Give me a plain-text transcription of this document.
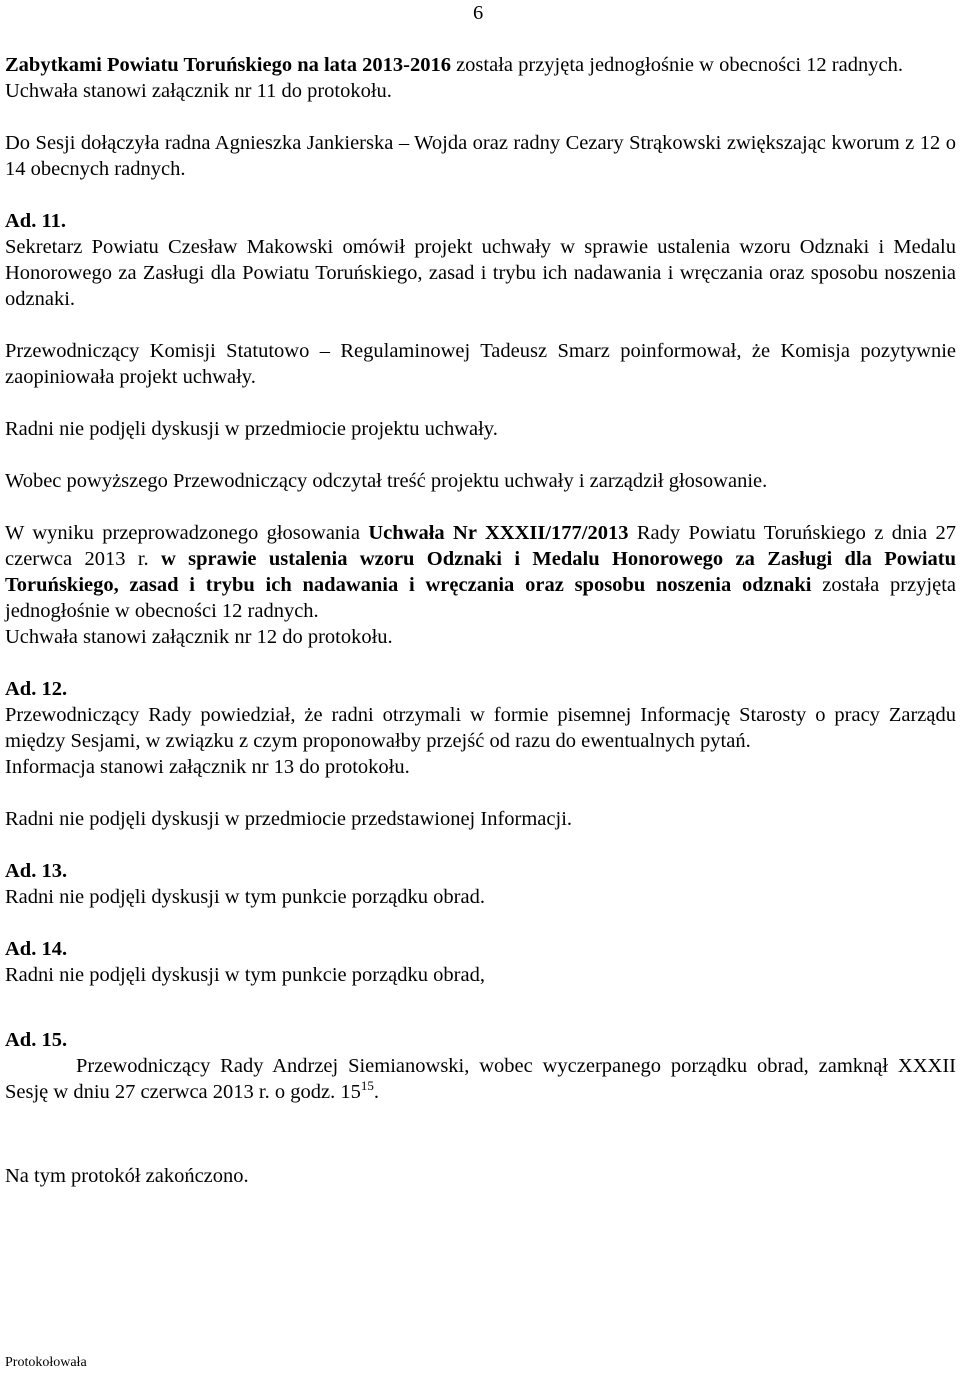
6

Zabytkami Powiatu Toruńskiego na lata 2013-2016 została przyjęta jednogłośnie w obecności 12 radnych.

Uchwała stanowi załącznik nr 11 do protokołu.

Do Sesji dołączyła radna Agnieszka Jankierska – Wojda oraz radny Cezary Strąkowski zwiększając kworum z 12 o 14 obecnych radnych.

Ad. 11.

Sekretarz Powiatu Czesław Makowski omówił projekt uchwały w sprawie ustalenia wzoru Odznaki i Medalu Honorowego za Zasługi dla Powiatu Toruńskiego, zasad i trybu ich nadawania i wręczania oraz sposobu noszenia odznaki.

Przewodniczący Komisji Statutowo – Regulaminowej Tadeusz Smarz poinformował, że Komisja pozytywnie zaopiniowała projekt uchwały.

Radni nie podjęli dyskusji w przedmiocie projektu uchwały.

Wobec powyższego Przewodniczący odczytał treść projektu uchwały i zarządził głosowanie.

W wyniku przeprowadzonego głosowania Uchwała Nr XXXII/177/2013 Rady Powiatu Toruńskiego z dnia 27 czerwca 2013 r. w sprawie ustalenia wzoru Odznaki i Medalu Honorowego za Zasługi dla Powiatu Toruńskiego, zasad i trybu ich nadawania i wręczania oraz sposobu noszenia odznaki została przyjęta jednogłośnie w obecności 12 radnych.

Uchwała stanowi załącznik nr 12 do protokołu.

Ad. 12.

Przewodniczący Rady powiedział, że radni otrzymali w formie pisemnej Informację Starosty o pracy Zarządu między Sesjami, w związku z czym proponowałby przejść od razu do ewentualnych pytań.

Informacja stanowi załącznik nr 13 do protokołu.

Radni nie podjęli dyskusji w przedmiocie przedstawionej Informacji.

Ad. 13.

Radni nie podjęli dyskusji w tym punkcie porządku obrad.

Ad. 14.

Radni nie podjęli dyskusji w tym punkcie porządku obrad,

Ad. 15.

Przewodniczący Rady Andrzej Siemianowski, wobec wyczerpanego porządku obrad, zamknął XXXII Sesję w dniu 27 czerwca 2013 r. o godz. $15^{15}$.

Na tym protokół zakończono.

Protokołowała
